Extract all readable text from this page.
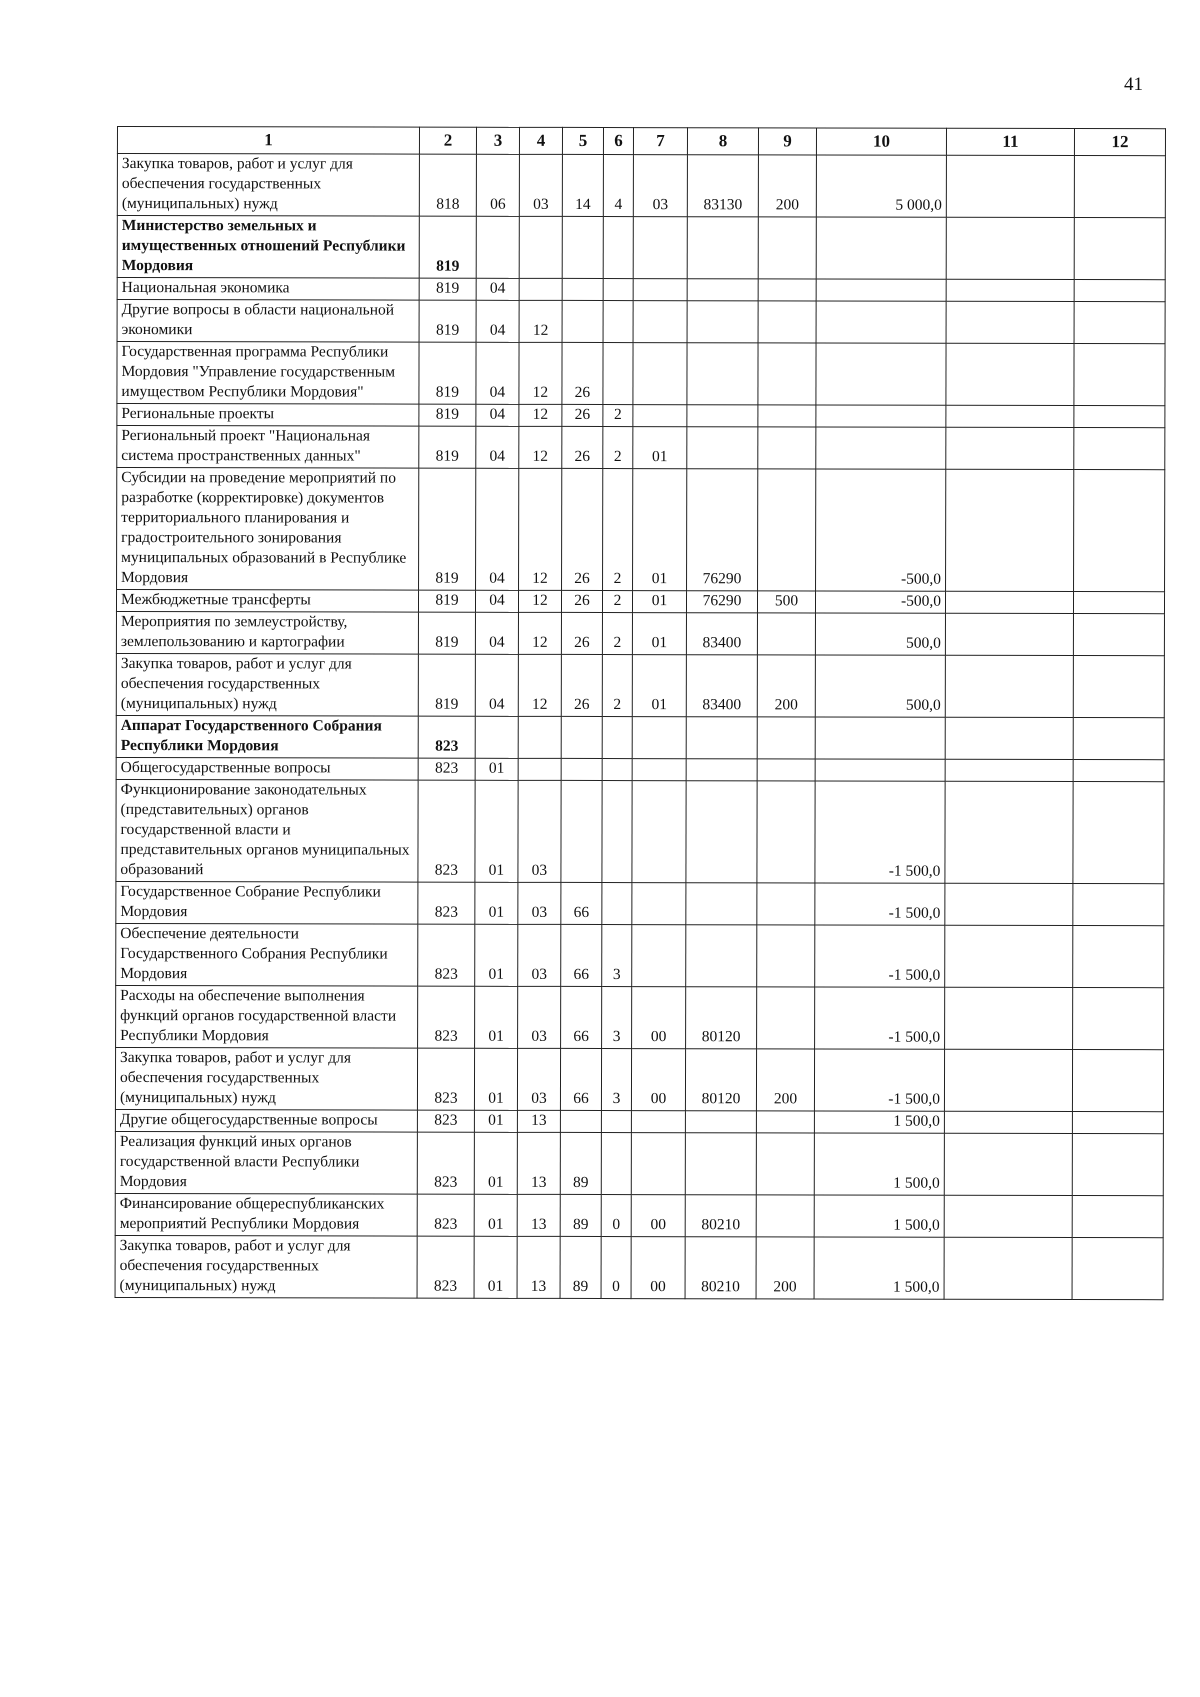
41
1	2	3	4	5	6	7	8	9	10	11	12
Закупка товаров, работ и услуг для обеспечения государственных (муниципальных) нужд	818	06	03	14	4	03	83130	200	5 000,0		
Министерство земельных и имущественных отношений Республики Мордовия	819										
Национальная экономика	819	04									
Другие вопросы в области национальной экономики	819	04	12								
Государственная программа Республики Мордовия "Управление государственным имуществом Республики Мордовия"	819	04	12	26							
Региональные проекты	819	04	12	26	2						
Региональный проект "Национальная система пространственных данных"	819	04	12	26	2	01					
Субсидии на проведение мероприятий по разработке (корректировке) документов территориального планирования и градостроительного зонирования муниципальных образований в Республике Мордовия	819	04	12	26	2	01	76290		-500,0		
Межбюджетные трансферты	819	04	12	26	2	01	76290	500	-500,0		
Мероприятия по землеустройству, землепользованию и картографии	819	04	12	26	2	01	83400		500,0		
Закупка товаров, работ и услуг для обеспечения государственных (муниципальных) нужд	819	04	12	26	2	01	83400	200	500,0		
Аппарат Государственного Собрания Республики Мордовия	823										
Общегосударственные вопросы	823	01									
Функционирование законодательных (представительных) органов государственной власти и представительных органов муниципальных образований	823	01	03						-1 500,0		
Государственное Собрание Республики Мордовия	823	01	03	66					-1 500,0		
Обеспечение деятельности Государственного Собрания Республики Мордовия	823	01	03	66	3				-1 500,0		
Расходы на обеспечение выполнения функций органов государственной власти Республики Мордовия	823	01	03	66	3	00	80120		-1 500,0		
Закупка товаров, работ и услуг для обеспечения государственных (муниципальных) нужд	823	01	03	66	3	00	80120	200	-1 500,0		
Другие общегосударственные вопросы	823	01	13						1 500,0		
Реализация функций иных органов государственной власти Республики Мордовия	823	01	13	89					1 500,0		
Финансирование общереспубликанских мероприятий Республики Мордовия	823	01	13	89	0	00	80210		1 500,0		
Закупка товаров, работ и услуг для обеспечения государственных (муниципальных) нужд	823	01	13	89	0	00	80210	200	1 500,0		
